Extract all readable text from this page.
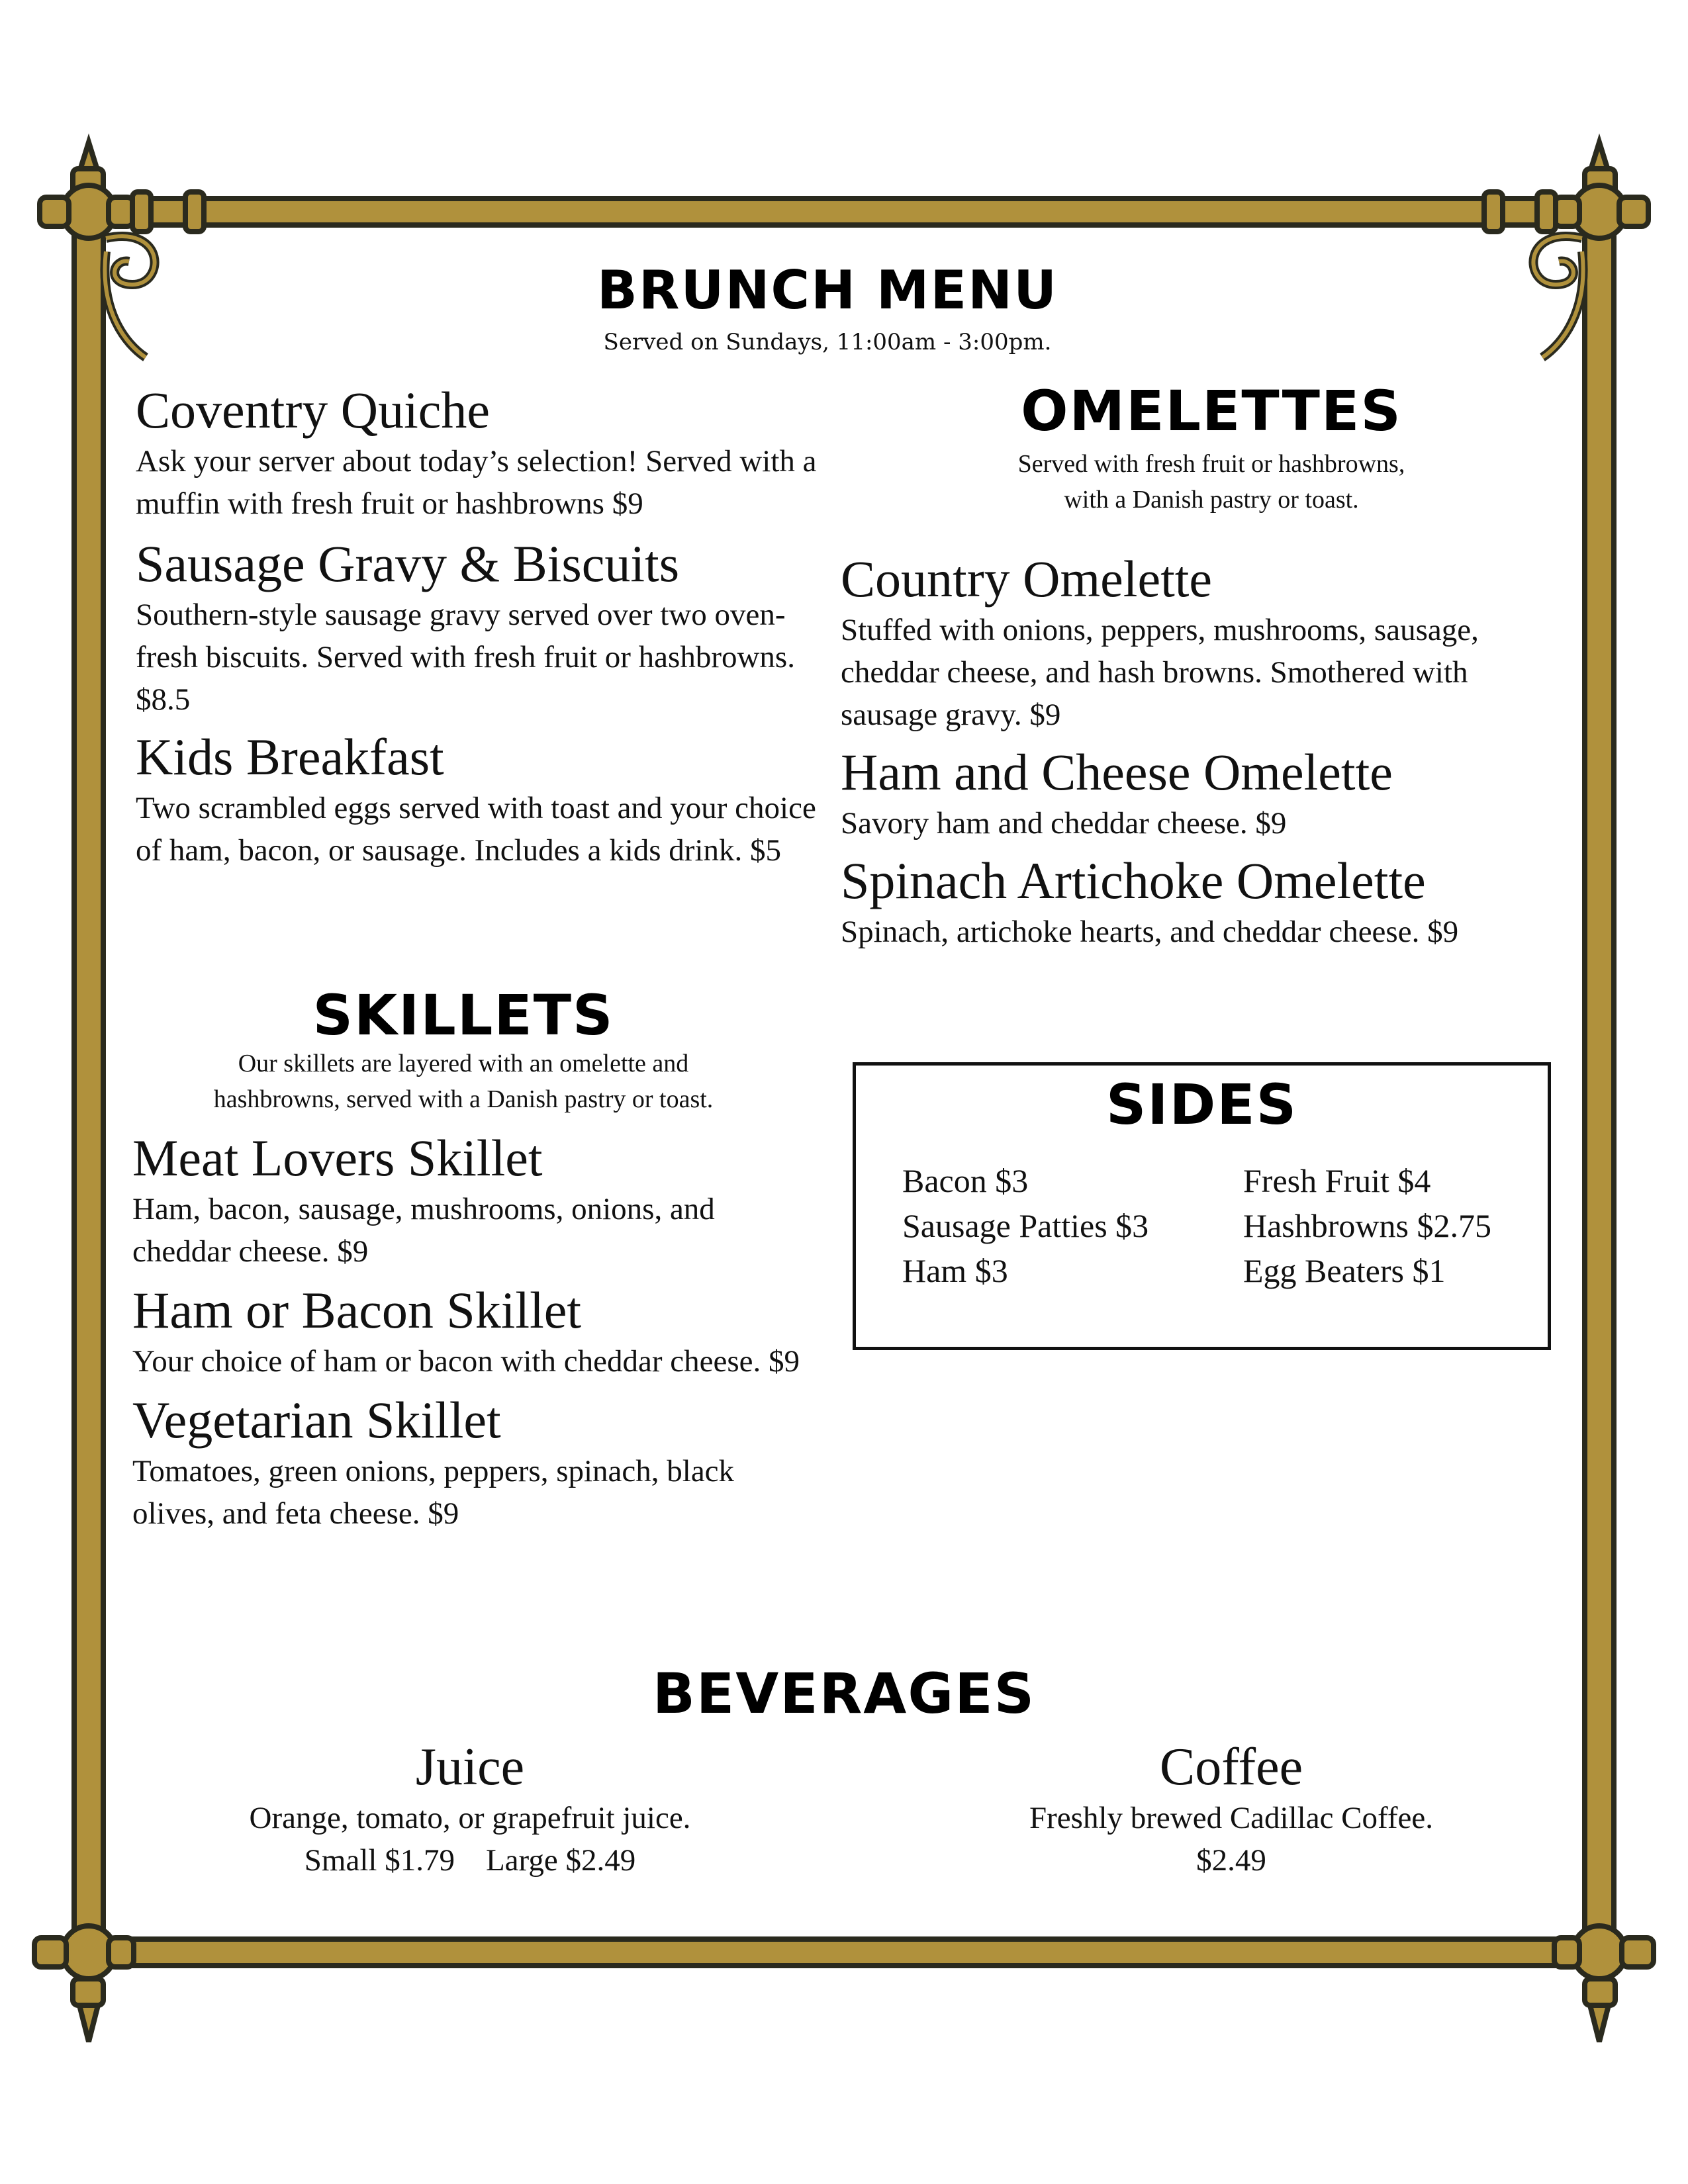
BRUNCH MENU
Served on Sundays, 11:00am - 3:00pm.
Coventry Quiche
Ask your server about today’s selection! Served with a muffin with fresh fruit or hashbrowns $9
Sausage Gravy & Biscuits
Southern-style sausage gravy served over two oven-fresh biscuits. Served with fresh fruit or hashbrowns. $8.5
Kids Breakfast
Two scrambled eggs served with toast and your choice of ham, bacon, or sausage. Includes a kids drink. $5
OMELETTES
Served with fresh fruit or hashbrowns,
with a Danish pastry or toast.
Country Omelette
Stuffed with onions, peppers, mushrooms, sausage, cheddar cheese, and hash browns. Smothered with sausage gravy. $9
Ham and Cheese Omelette
Savory ham and cheddar cheese. $9
Spinach Artichoke Omelette
Spinach, artichoke hearts, and cheddar cheese. $9
SKILLETS
Our skillets are layered with an omelette and
hashbrowns, served with a Danish pastry or toast.
Meat Lovers Skillet
Ham, bacon, sausage, mushrooms, onions, and cheddar cheese. $9
Ham or Bacon Skillet
Your choice of ham or bacon with cheddar cheese. $9
Vegetarian Skillet
Tomatoes, green onions, peppers, spinach, black olives, and feta cheese. $9
SIDES
Bacon $3
Sausage Patties $3
Ham $3
Fresh Fruit $4
Hashbrowns $2.75
Egg Beaters $1
BEVERAGES
Juice
Orange, tomato, or grapefruit juice.
Small $1.79    Large $2.49
Coffee
Freshly brewed Cadillac Coffee.
$2.49
